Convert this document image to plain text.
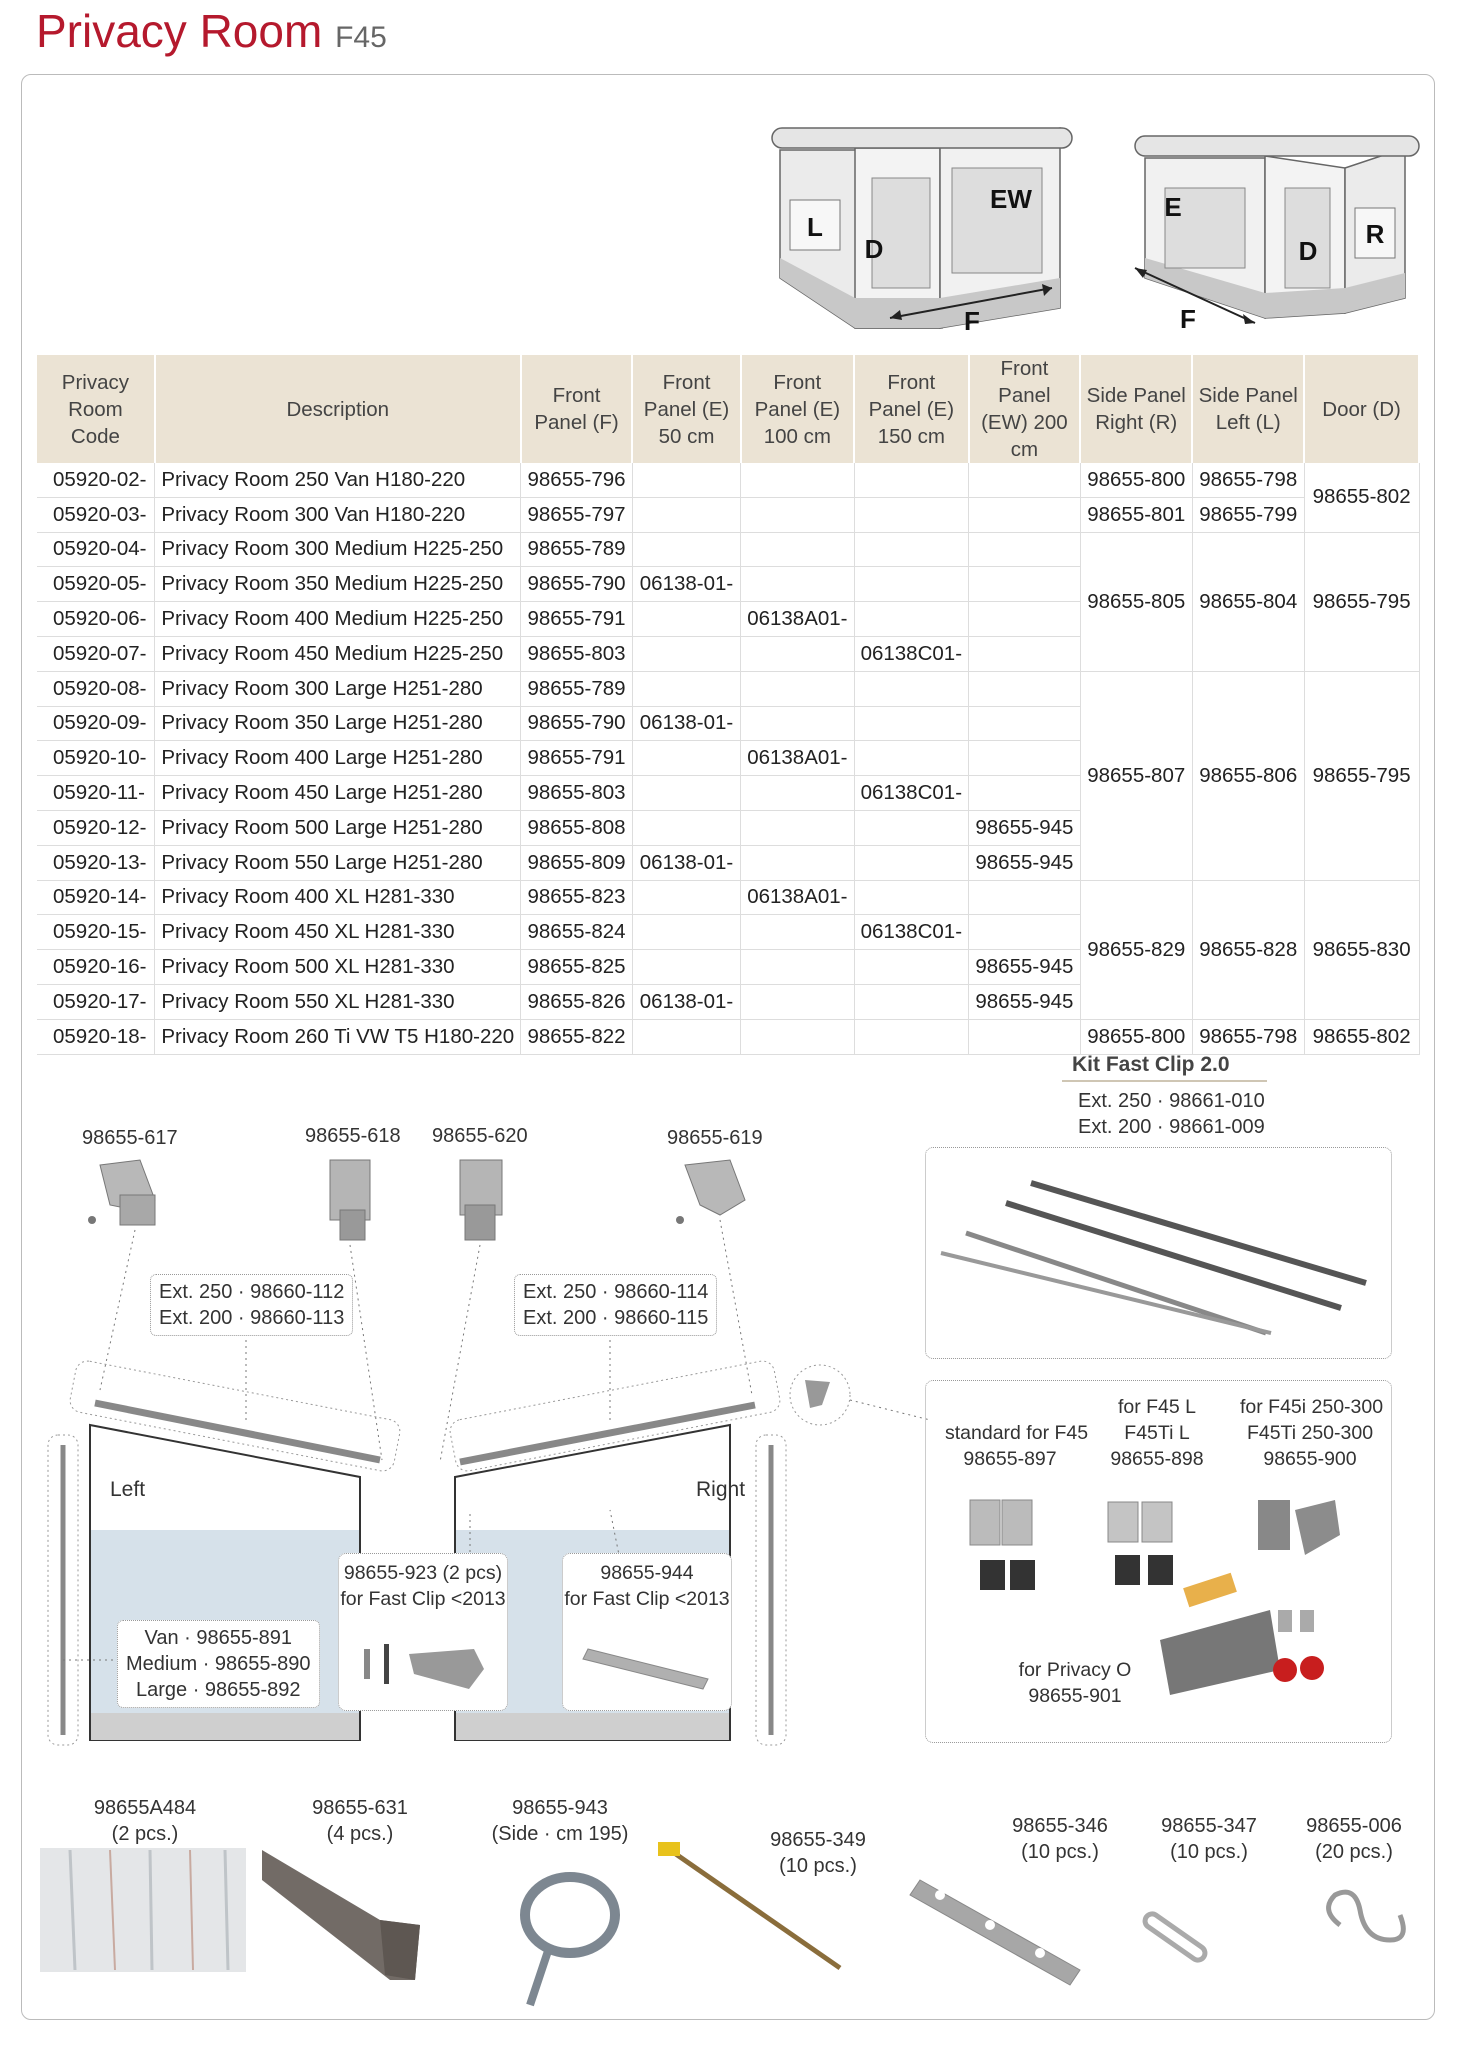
Privacy Room F45
L
D
EW
F
E
D
R
F
Privacy Room Code	Description	Front Panel (F)	Front Panel (E) 50 cm	Front Panel (E) 100 cm	Front Panel (E) 150 cm	Front Panel (EW) 200 cm	Side Panel Right (R)	Side Panel Left (L)	Door (D)
05920-02-	Privacy Room 250 Van H180-220	98655-796					98655-800	98655-798	98655-802
05920-03-	Privacy Room 300 Van H180-220	98655-797					98655-801	98655-799	
05920-04-	Privacy Room 300 Medium H225-250	98655-789					98655-805	98655-804	98655-795
05920-05-	Privacy Room 350 Medium H225-250	98655-790	06138-01-						
05920-06-	Privacy Room 400 Medium H225-250	98655-791		06138A01-					
05920-07-	Privacy Room 450 Medium H225-250	98655-803			06138C01-				
05920-08-	Privacy Room 300 Large H251-280	98655-789					98655-807	98655-806	98655-795
05920-09-	Privacy Room 350 Large H251-280	98655-790	06138-01-						
05920-10-	Privacy Room 400 Large H251-280	98655-791		06138A01-					
05920-11-	Privacy Room 450 Large H251-280	98655-803			06138C01-				
05920-12-	Privacy Room 500 Large H251-280	98655-808				98655-945			
05920-13-	Privacy Room 550 Large H251-280	98655-809	06138-01-			98655-945			
05920-14-	Privacy Room 400 XL H281-330	98655-823		06138A01-			98655-829	98655-828	98655-830
05920-15-	Privacy Room 450 XL H281-330	98655-824			06138C01-				
05920-16-	Privacy Room 500 XL H281-330	98655-825				98655-945			
05920-17-	Privacy Room 550 XL H281-330	98655-826	06138-01-			98655-945			
05920-18-	Privacy Room 260 Ti VW T5 H180-220	98655-822					98655-800	98655-798	98655-802
98655-617	98655-618 98655-620	98655-619
Left	Right
Ext. 250 · 98660-112
Ext. 200 · 98660-113
Ext. 250 · 98660-114
Ext. 200 · 98660-115
Van · 98655-891
Medium · 98655-890
Large · 98655-892
98655-923 (2 pcs)
for Fast Clip <2013
98655-944
for Fast Clip <2013
Kit Fast Clip 2.0
Ext. 250 · 98661-010
Ext. 200 · 98661-009
standard for F45
98655-897
for F45 L
F45Ti L
98655-898
for F45i 250-300
F45Ti 250-300
98655-900
for Privacy O
98655-901
98655A484
(2 pcs.)
98655-631
(4 pcs.)
98655-943
(Side · cm 195)	98655-349
(10 pcs.)
98655-346
(10 pcs.)
98655-347
(10 pcs.)
98655-006
(20 pcs.)
